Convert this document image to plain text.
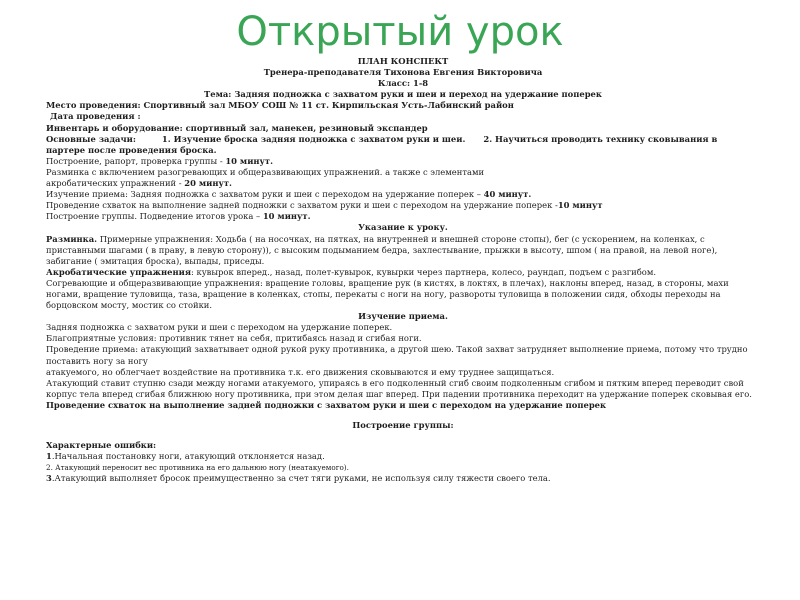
Открытый урок

ПЛАН КОНСПЕКТ

Тренера-преподавателя Тихонова Евгения Викторовича

Класс: 1-8

Тема: Задняя подножка с захватом руки и шеи и переход на удержание поперек

Место проведения: Спортивный зал МБОУ СОШ № 11 ст. Кирпильская Усть-Лабинский район

Дата проведения :

Инвентарь и оборудование: спортивный зал, манекен, резиновый экспандер

Основные задачи:	1. Изучение броска задняя подножка с захватом руки и шеи. 2. Научиться проводить технику сковывания в

партере после проведения броска.

Построение, рапорт, проверка группы - 10 минут.

Разминка с включением разогревающих и общеразвивающих упражнений. а также с элементами

акробатических упражнений - 20 минут.

Изучение приема: Задняя подножка с захватом руки и шеи с переходом на удержание поперек – 40 минут.

Проведение схваток на выполнение задней подножки с захватом руки и шеи с переходом на удержание поперек -10 минут

Построение группы. Подведение итогов урока – 10 минут.

Указание к уроку.

Разминка. Примерные упражнения: Ходьба ( на носочках, на пятках, на внутренней и внешней стороне стопы), бег (с ускорением, на коленках, с приставными шагами ( в праву, в левую сторону)), с высоким подыманием бедра, захлестывание, прыжки в высоту, шпом ( на правой, на левой ноге), забигание ( эмитация броска), выпады, приседы.

Акробатические упражнения: кувырок вперед., назад, полет-кувырок, кувырки через партнера, колесо, раундап, подъем с разгибом.

Согревающие и общеразвивающие упражнения: вращение головы, вращение рук (в кистях, в локтях, в плечах), наклоны вперед, назад, в стороны, махи ногами, вращение туловища, таза, вращение в коленках, стопы, перекаты с ноги на ногу, развороты туловища в положении сидя, обходы переходы на борцовском мосту, мостик со стойки.

Изучение приема.

Задняя подножка с захватом руки и шеи с переходом на удержание поперек.

Благоприятные условия: противник тянет на себя, притибаясь назад и сгибая ноги.

Проведение приема: атакующий захватывает одной рукой руку противника, а другой шею. Такой захват затрудняет выполнение приема, потому что трудно поставить ногу за ногу

атакуемого, но облегчает воздействие на противника т.к. его движения сковываются и ему труднее защищаться.

Атакующий ставит ступню сзади между ногами атакуемого, упираясь в его подколенный сгиб своим подколенным сгибом и пятким вперед переводит свой корпус тела вперед сгибая ближнюю ногу противника, при этом делая шаг вперед. При падении противника переходит на удержание поперек сковывая его.

Проведение схваток на выполнение задней подножки с захватом руки и шеи с переходом на удержание поперек

Построение группы:

Характерные ошибки:

1.Начальная постановку ноги, атакующий отклоняется назад.

2. Атакующий переносит вес противника на его дальнюю ногу (неатакуемого).

3.Атакующий выполняет бросок преимущественно за счет тяги руками, не используя силу тяжести своего тела.
